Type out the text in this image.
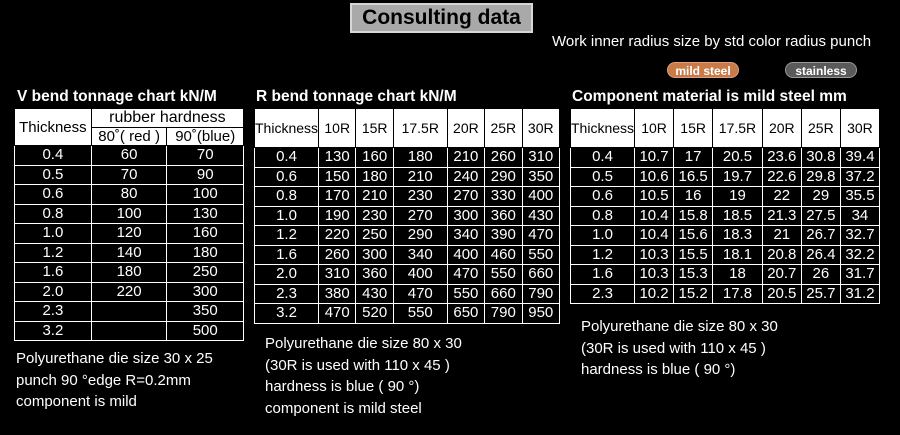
Consulting data
Work inner radius size by std color radius punch
mild steel	stainless
V bend tonnage chart kN/M
Thickness	rubber hardness	
	80˚( red )	90˚(blue)
0.4	60	70
0.5	70	90
0.6	80	100
0.8	100	130
1.0	120	160
1.2	140	180
1.6	180	250
2.0	220	300
2.3		350
3.2		500
Polyurethane die size 30 x 25
punch 90 °edge R=0.2mm
component is mild
R bend tonnage chart kN/M
Thickness	10R	15R	17.5R	20R	25R	30R
0.4	130	160	180	210	260	310
0.6	150	180	210	240	290	350
0.8	170	210	230	270	330	400
1.0	190	230	270	300	360	430
1.2	220	250	290	340	390	470
1.6	260	300	340	400	460	550
2.0	310	360	400	470	550	660
2.3	380	430	470	550	660	790
3.2	470	520	550	650	790	950
Polyurethane die size 80 x 30
(30R is used with 110 x 45 )
hardness is blue ( 90 °)
component is mild steel
Component material is mild steel mm
Thickness	10R	15R	17.5R	20R	25R	30R
0.4	10.7	17	20.5	23.6	30.8	39.4
0.5	10.6	16.5	19.7	22.6	29.8	37.2
0.6	10.5	16	19	22	29	35.5
0.8	10.4	15.8	18.5	21.3	27.5	34
1.0	10.4	15.6	18.3	21	26.7	32.7
1.2	10.3	15.5	18.1	20.8	26.4	32.2
1.6	10.3	15.3	18	20.7	26	31.7
2.3	10.2	15.2	17.8	20.5	25.7	31.2
Polyurethane die size 80 x 30
(30R is used with 110 x 45 )
hardness is blue ( 90 °)
